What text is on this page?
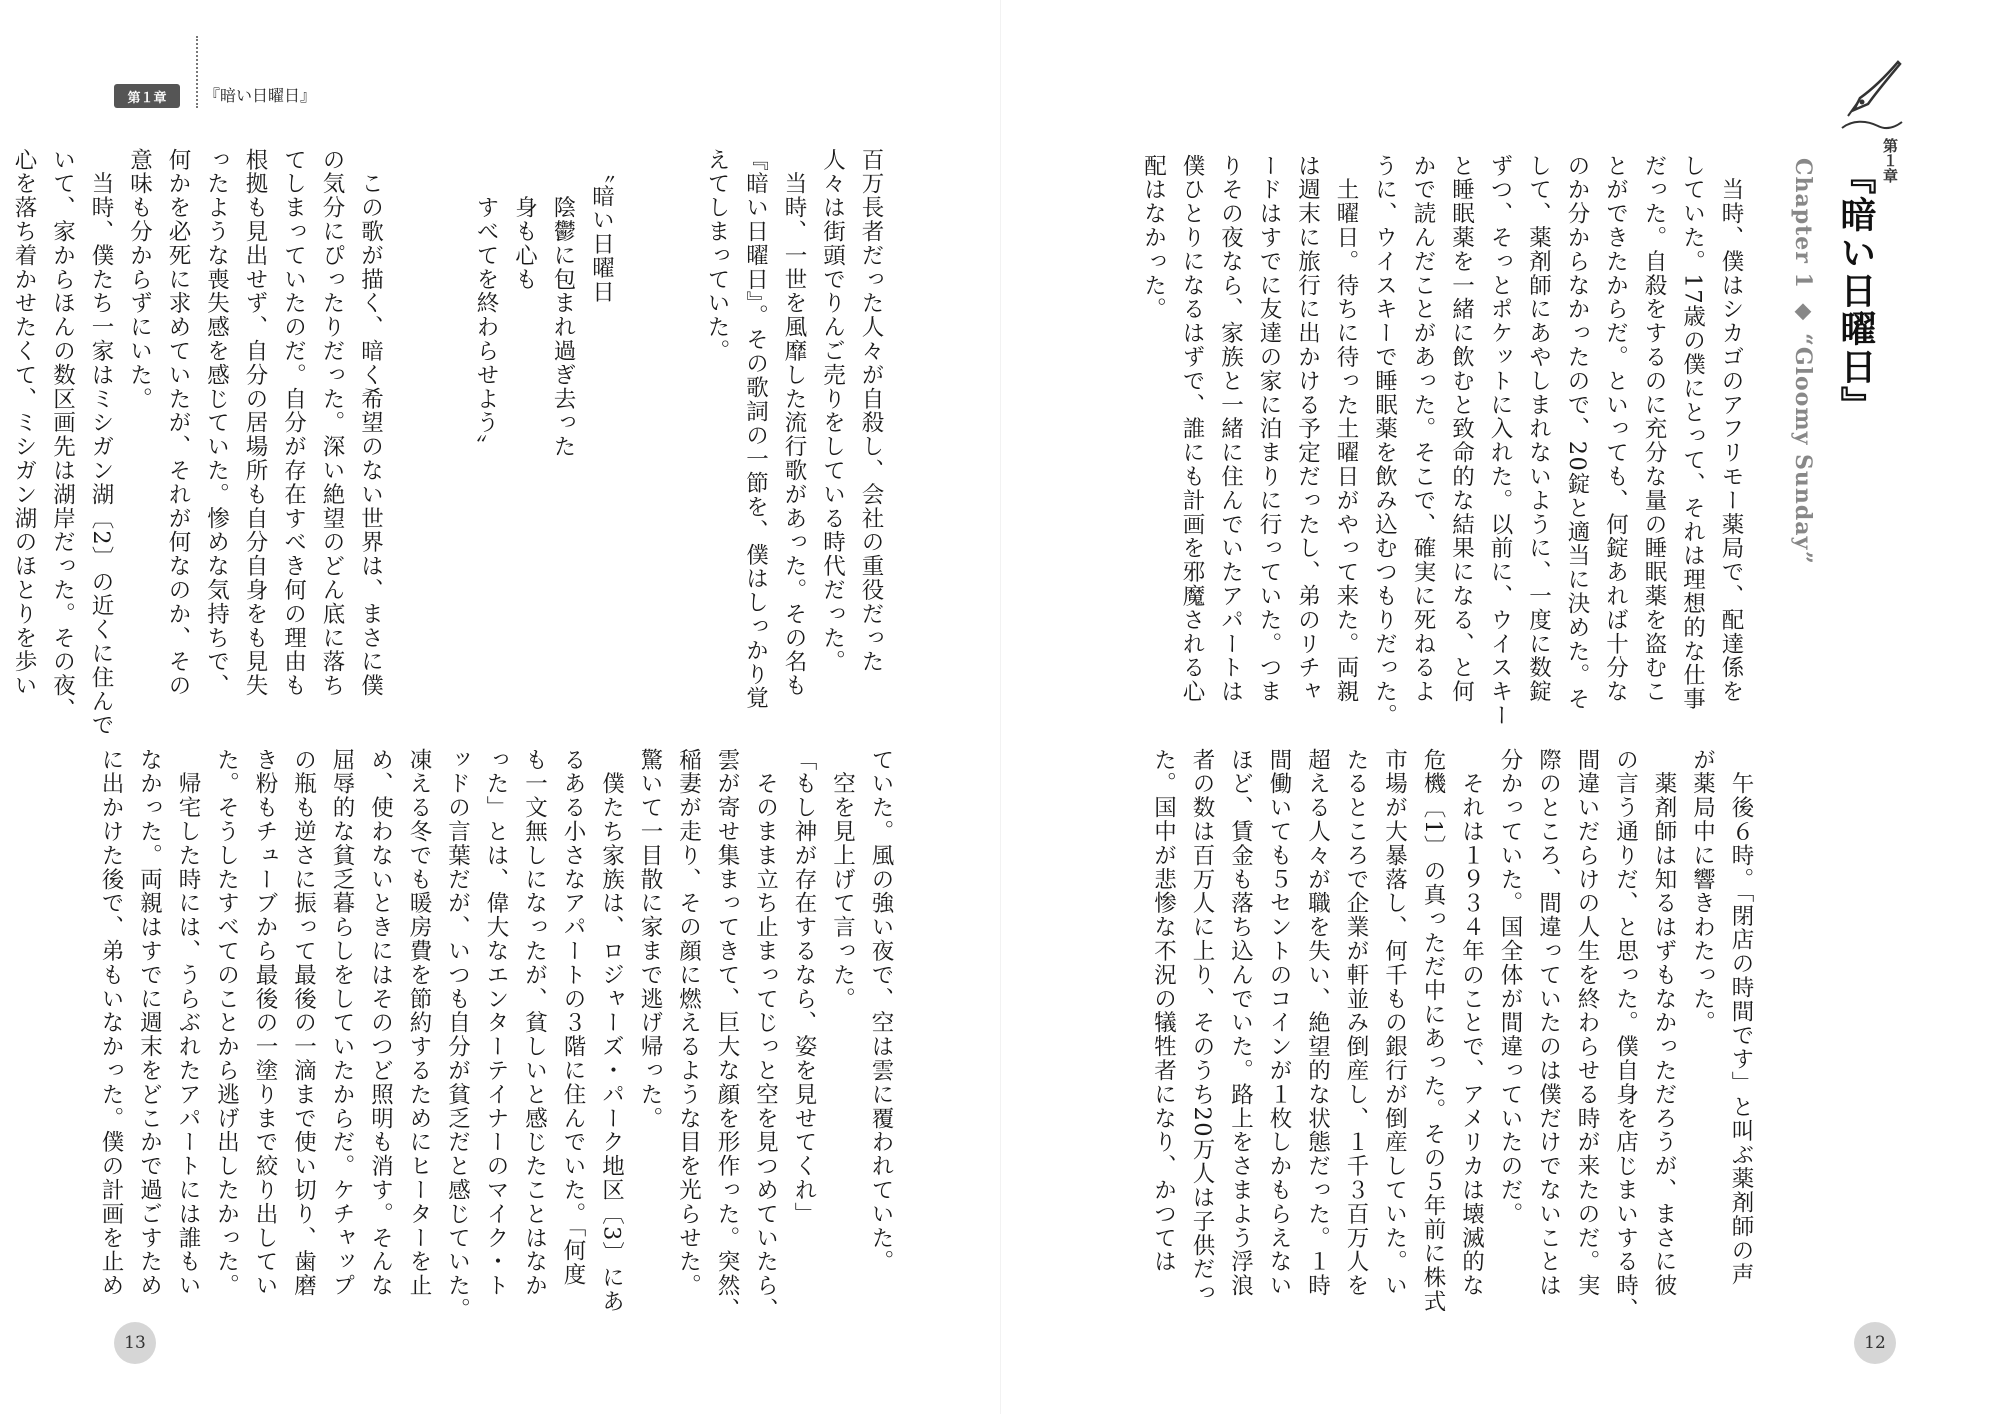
第１章	『暗い日曜日』
百万長者だった人々が自殺し、会社の重役だった
人々は街頭でりんご売りをしている時代だった。
　当時、一世を風靡した流行歌があった。その名も
『暗い日曜日』。その歌詞の一節を、僕はしっかり覚
えてしまっていた。

　〝暗い日曜日
　　陰鬱に包まれ過ぎ去った
　　身も心も
　　すべてを終わらせよう〟

　この歌が描く、暗く希望のない世界は、まさに僕
の気分にぴったりだった。深い絶望のどん底に落ち
てしまっていたのだ。自分が存在すべき何の理由も
根拠も見出せず、自分の居場所も自分自身をも見失
ったような喪失感を感じていた。惨めな気持ちで、
何かを必死に求めていたが、それが何なのか、その
意味も分からずにいた。
　当時、僕たち一家はミシガン湖〔2〕の近くに住んで
いて、家からほんの数区画先は湖岸だった。その夜、
心を落ち着かせたくて、ミシガン湖のほとりを歩い
ていた。風の強い夜で、空は雲に覆われていた。
　空を見上げて言った。
「もし神が存在するなら、姿を見せてくれ」
　そのまま立ち止まってじっと空を見つめていたら、
雲が寄せ集まってきて、巨大な顔を形作った。突然、
稲妻が走り、その顔に燃えるような目を光らせた。
驚いて一目散に家まで逃げ帰った。
　僕たち家族は、ロジャーズ・パーク地区〔3〕にあ
るある小さなアパートの３階に住んでいた。「何度
も一文無しになったが、貧しいと感じたことはなか
った」とは、偉大なエンターテイナーのマイク・ト
ッドの言葉だが、いつも自分が貧乏だと感じていた。
凍える冬でも暖房費を節約するためにヒーターを止
め、使わないときにはそのつど照明も消す。そんな
屈辱的な貧乏暮らしをしていたからだ。ケチャップ
の瓶も逆さに振って最後の一滴まで使い切り、歯磨
き粉もチューブから最後の一塗りまで絞り出してい
た。そうしたすべてのことから逃げ出したかった。
　帰宅した時には、うらぶれたアパートには誰もい
なかった。両親はすでに週末をどこかで過ごすため
に出かけた後で、弟もいなかった。僕の計画を止め
13
第１章
『暗い日曜日』
Chapter 1 ◆ “Gloomy Sunday”
　当時、僕はシカゴのアフリモー薬局で、配達係を
していた。17歳の僕にとって、それは理想的な仕事
だった。自殺をするのに充分な量の睡眠薬を盗むこ
とができたからだ。といっても、何錠あれば十分な
のか分からなかったので、20錠と適当に決めた。そ
して、薬剤師にあやしまれないように、一度に数錠
ずつ、そっとポケットに入れた。以前に、ウイスキー
と睡眠薬を一緒に飲むと致命的な結果になる、と何
かで読んだことがあった。そこで、確実に死ねるよ
うに、ウイスキーで睡眠薬を飲み込むつもりだった。
　土曜日。待ちに待った土曜日がやって来た。両親
は週末に旅行に出かける予定だったし、弟のリチャ
ードはすでに友達の家に泊まりに行っていた。つま
りその夜なら、家族と一緒に住んでいたアパートは
僕ひとりになるはずで、誰にも計画を邪魔される心
配はなかった。
　午後６時。「閉店の時間です」と叫ぶ薬剤師の声
が薬局中に響きわたった。
　薬剤師は知るはずもなかっただろうが、まさに彼
の言う通りだ、と思った。僕自身を店じまいする時、
間違いだらけの人生を終わらせる時が来たのだ。実
際のところ、間違っていたのは僕だけでないことは
分かっていた。国全体が間違っていたのだ。
　それは１９３４年のことで、アメリカは壊滅的な
危機〔1〕の真っただ中にあった。その５年前に株式
市場が大暴落し、何千もの銀行が倒産していた。い
たるところで企業が軒並み倒産し、１千３百万人を
超える人々が職を失い、絶望的な状態だった。１時
間働いても５セントのコインが１枚しかもらえない
ほど、賃金も落ち込んでいた。路上をさまよう浮浪
者の数は百万人に上り、そのうち20万人は子供だっ
た。国中が悲惨な不況の犠牲者になり、かつては
12
